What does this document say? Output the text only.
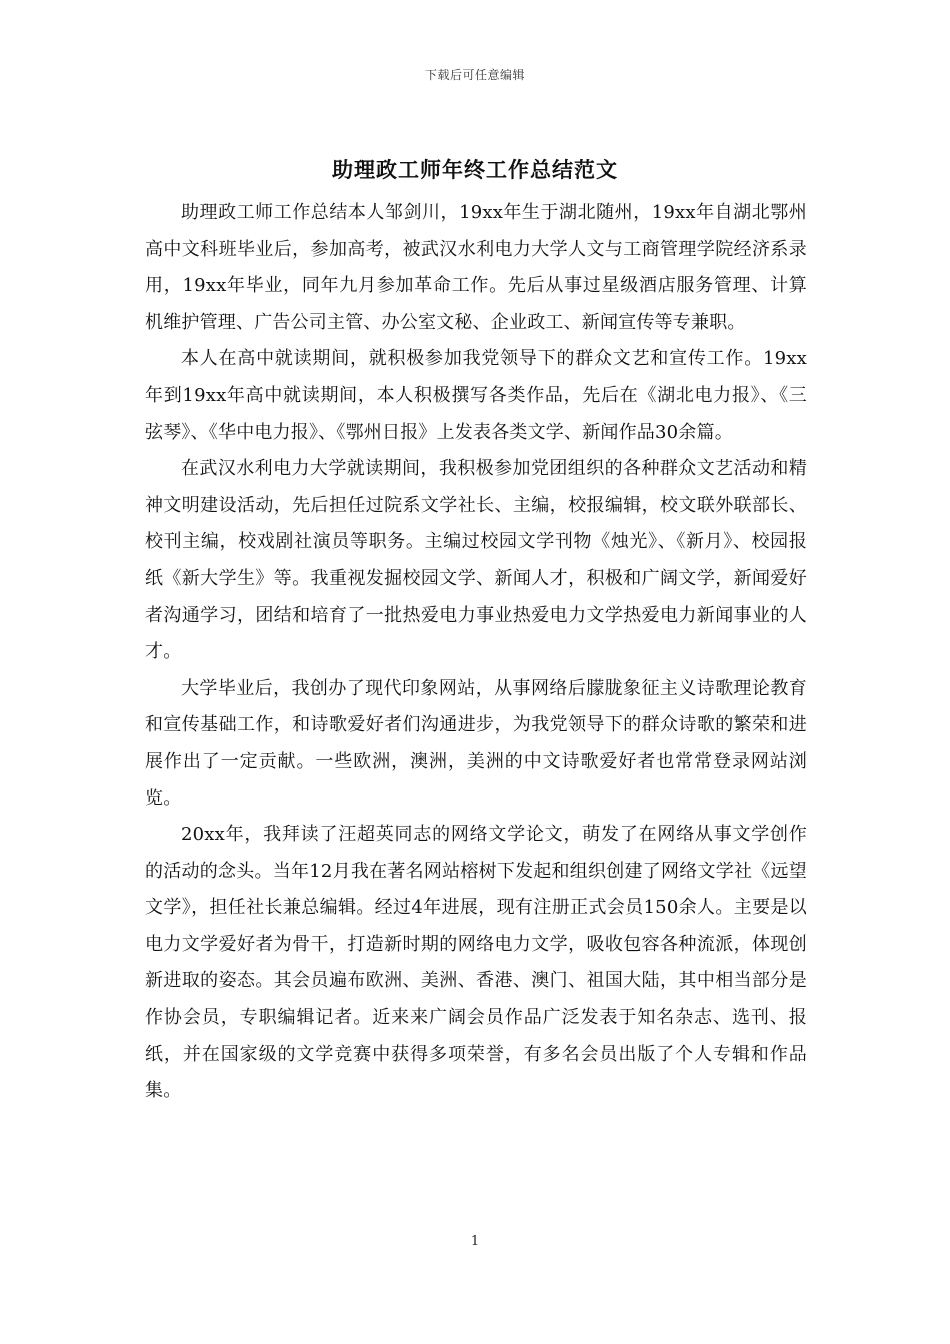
下载后可任意编辑
助理政工师年终工作总结范文

助理政工师工作总结本人邹剑川，19xx年生于湖北随州，19xx年自湖北鄂州高中文科班毕业后，参加高考，被武汉水利电力大学人文与工商管理学院经济系录用，19xx年毕业，同年九月参加革命工作。先后从事过星级酒店服务管理、计算机维护管理、广告公司主管、办公室文秘、企业政工、新闻宣传等专兼职。

本人在高中就读期间，就积极参加我党领导下的群众文艺和宣传工作。19xx年到19xx年高中就读期间，本人积极撰写各类作品，先后在《湖北电力报》、《三弦琴》、《华中电力报》、《鄂州日报》上发表各类文学、新闻作品30余篇。

在武汉水利电力大学就读期间，我积极参加党团组织的各种群众文艺活动和精神文明建设活动，先后担任过院系文学社长、主编，校报编辑，校文联外联部长、校刊主编，校戏剧社演员等职务。主编过校园文学刊物《烛光》、《新月》、校园报纸《新大学生》等。我重视发掘校园文学、新闻人才，积极和广阔文学，新闻爱好者沟通学习，团结和培育了一批热爱电力事业热爱电力文学热爱电力新闻事业的人才。

大学毕业后，我创办了现代印象网站，从事网络后朦胧象征主义诗歌理论教育和宣传基础工作，和诗歌爱好者们沟通进步，为我党领导下的群众诗歌的繁荣和进展作出了一定贡献。一些欧洲，澳洲，美洲的中文诗歌爱好者也常常登录网站浏览。

20xx年，我拜读了汪超英同志的网络文学论文，萌发了在网络从事文学创作的活动的念头。当年12月我在著名网站榕树下发起和组织创建了网络文学社《远望文学》，担任社长兼总编辑。经过4年进展，现有注册正式会员150余人。主要是以电力文学爱好者为骨干，打造新时期的网络电力文学，吸收包容各种流派，体现创新进取的姿态。其会员遍布欧洲、美洲、香港、澳门、祖国大陆，其中相当部分是作协会员，专职编辑记者。近来来广阔会员作品广泛发表于知名杂志、选刊、报纸，并在国家级的文学竞赛中获得多项荣誉，有多名会员出版了个人专辑和作品集。

1
